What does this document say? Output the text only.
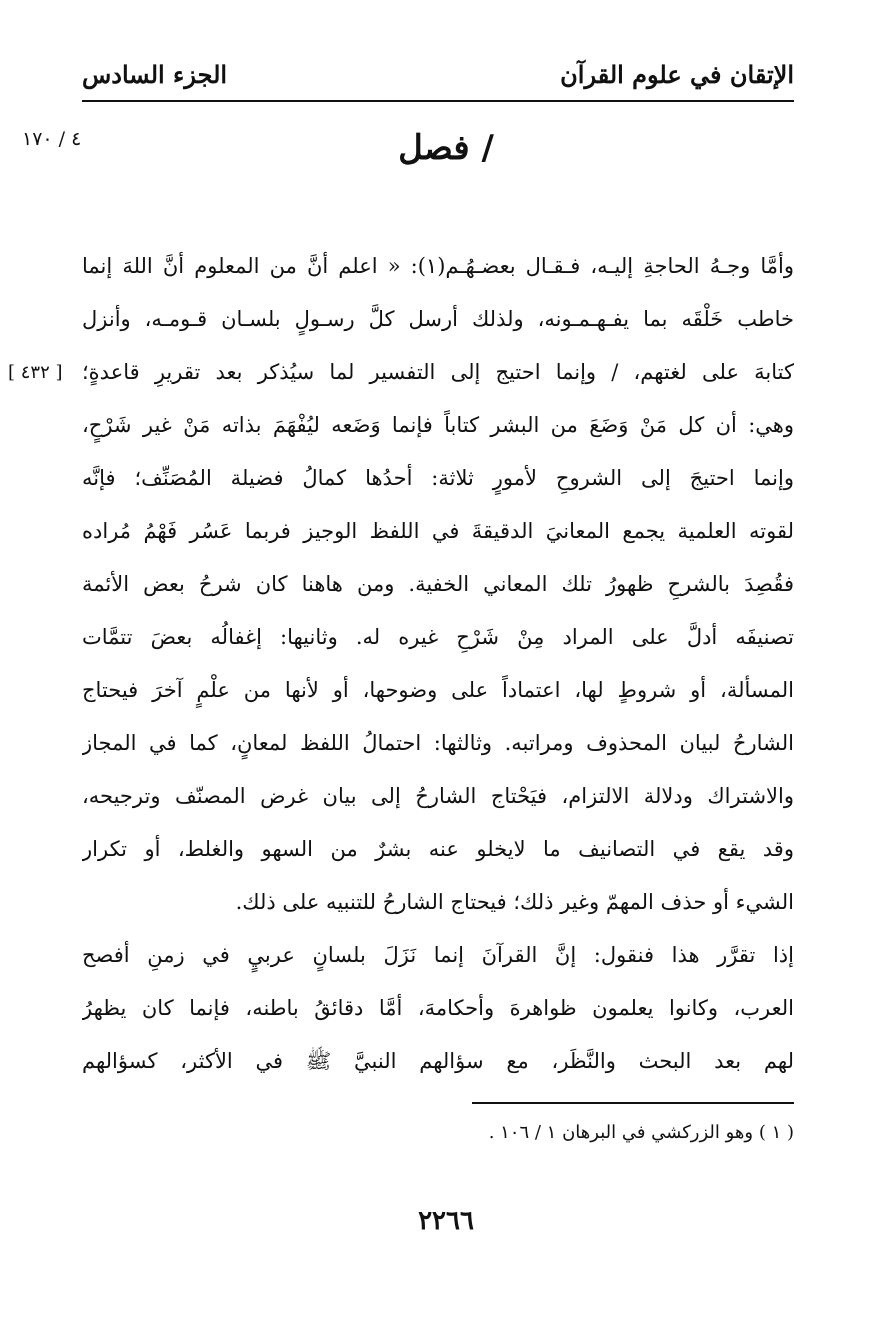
الإتقان في علوم القرآن
الجزء السادس
٤ / ١٧٠	/ فصل
[ ٤٣٢ ]
وأمَّا وجـهُ الحاجةِ إليـه، فـقـال بعضـهُـم(١): « اعلم أنَّ من المعلوم أنَّ اللهَ إنما
خاطب خَلْقَه بما يفـهـمـونه، ولذلك أرسل كلَّ رسـولٍ بلسـان قـومـه، وأنزل
كتابهَ على لغتهم، / وإنما احتيج إلى التفسير لما سيُذكر بعد تقريرِ قاعدةٍ؛
وهي: أن كل مَنْ وَضَعَ من البشر كتاباً فإنما وَضَعه ليُفْهَمَ بذاته مَنْ غير شَرْحٍ،
وإنما احتيجَ إلى الشروحِ لأمورٍ ثلاثة: أحدُها كمالُ فضيلة المُصَنِّف؛ فإنَّه
لقوته العلمية يجمع المعانيَ الدقيقةَ في اللفظ الوجيز فربما عَسُر فَهْمُ مُراده
فقُصِدَ بالشرحِ ظهورُ تلك المعاني الخفية. ومن هاهنا كان شرحُ بعض الأئمة
تصنيفَه أدلَّ على المراد مِنْ شَرْحِ غيره له. وثانيها: إغفالُه بعضَ تتمَّات
المسألة، أو شروطٍ لها، اعتماداً على وضوحها، أو لأنها من علْمٍ آخرَ فيحتاج
الشارحُ لبيان المحذوف ومراتبه. وثالثها: احتمالُ اللفظ لمعانٍ، كما في المجاز
والاشتراك ودلالة الالتزام، فيَحْتاج الشارحُ إلى بيان غرض المصنّف وترجيحه،
وقد يقع في التصانيف ما لايخلو عنه بشرٌ من السهو والغلط، أو تكرار
الشيء أو حذف المهمّ وغير ذلك؛ فيحتاج الشارحُ للتنبيه على ذلك.
إذا تقرَّر هذا فنقول: إنَّ القرآنَ إنما نَزَلَ بلسانٍ عربيٍ في زمنِ أفصح
العرب، وكانوا يعلمون ظواهرهَ وأحكامهَ، أمَّا دقائقُ باطنه، فإنما كان يظهرُ
لهم بعد البحث والنَّظَر، مع سؤالهم النبيَّ ﷺ في الأكثر، كسؤالهم
( ١ ) وهو الزركشي في البرهان ١ / ١٠٦ .
٢٢٦٦
